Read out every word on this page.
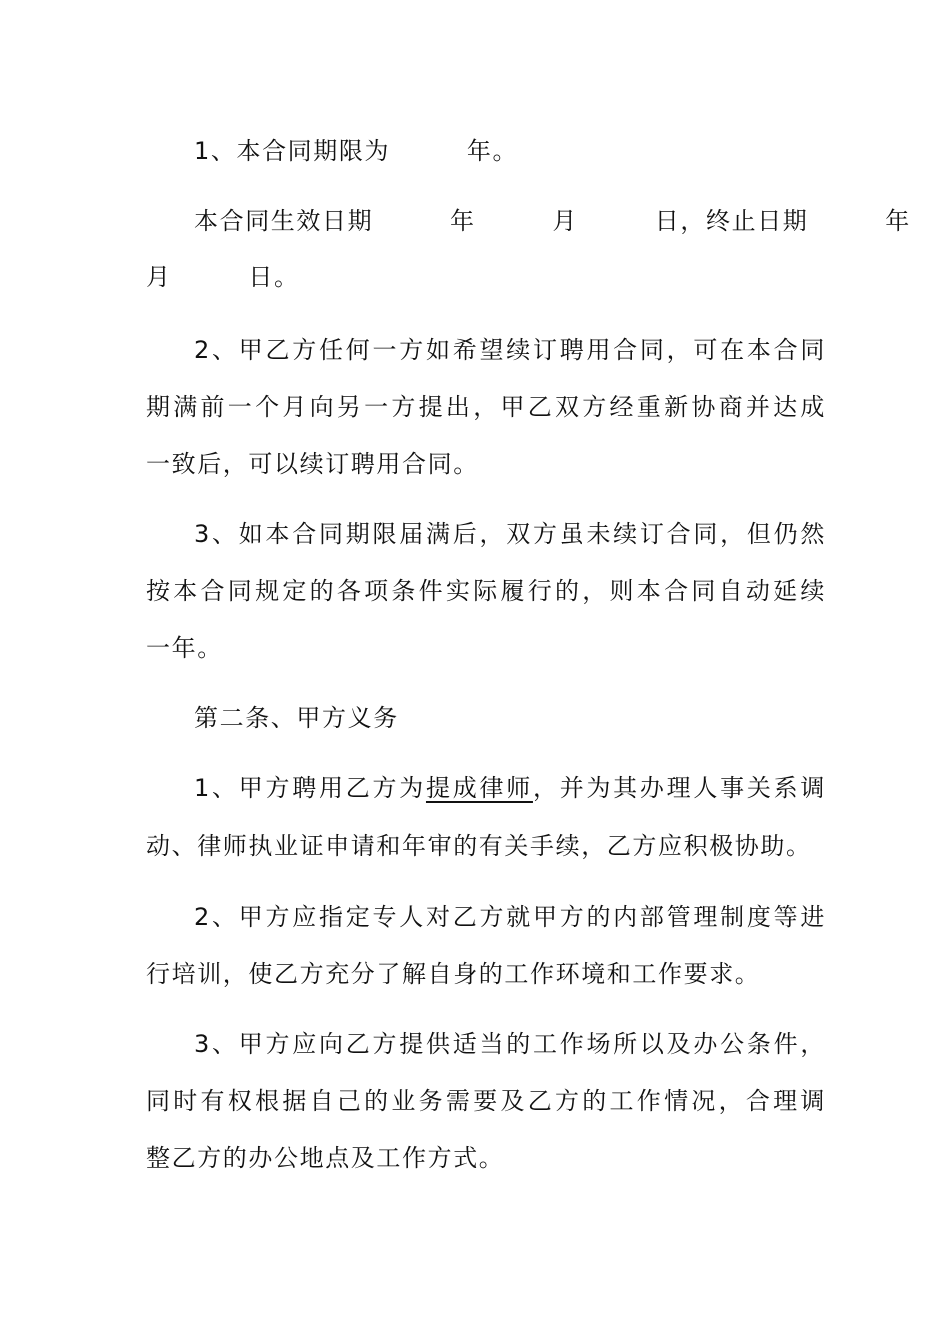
1、本合同期限为　　　年。
本合同生效日期　　　年　　　月　　　日，终止日期　　　年
月　　　日。
2、甲乙方任何一方如希望续订聘用合同，可在本合同
期满前一个月向另一方提出，甲乙双方经重新协商并达成
一致后，可以续订聘用合同。
3、如本合同期限届满后，双方虽未续订合同，但仍然
按本合同规定的各项条件实际履行的，则本合同自动延续
一年。
第二条、甲方义务
1、甲方聘用乙方为提成律师，并为其办理人事关系调
动、律师执业证申请和年审的有关手续，乙方应积极协助。
2、甲方应指定专人对乙方就甲方的内部管理制度等进
行培训，使乙方充分了解自身的工作环境和工作要求。
3、甲方应向乙方提供适当的工作场所以及办公条件，
同时有权根据自己的业务需要及乙方的工作情况，合理调
整乙方的办公地点及工作方式。
